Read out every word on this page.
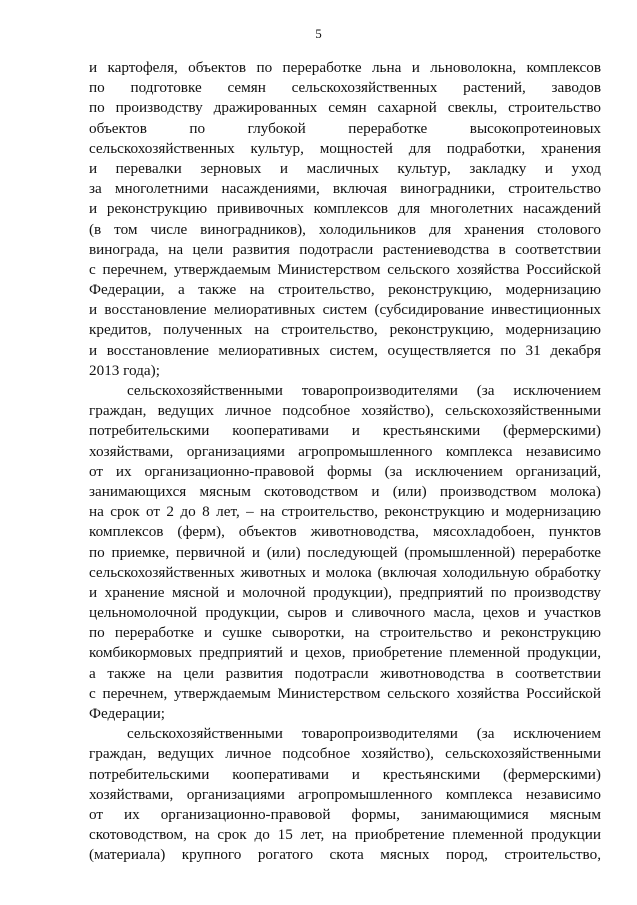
5
и картофеля, объектов по переработке льна и льноволокна, комплексов
по подготовке семян сельскохозяйственных растений, заводов
по производству дражированных семян сахарной свеклы, строительство
объектов по глубокой переработке высокопротеиновых
сельскохозяйственных культур, мощностей для подработки, хранения
и перевалки зерновых и масличных культур, закладку и уход
за многолетними насаждениями, включая виноградники, строительство
и реконструкцию прививочных комплексов для многолетних насаждений
(в том числе виноградников), холодильников для хранения столового
винограда, на цели развития подотрасли растениеводства в соответствии
с перечнем, утверждаемым Министерством сельского хозяйства Российской
Федерации, а также на строительство, реконструкцию, модернизацию
и восстановление мелиоративных систем (субсидирование инвестиционных
кредитов, полученных на строительство, реконструкцию, модернизацию
и восстановление мелиоративных систем, осуществляется по 31 декабря
2013 года);
сельскохозяйственными товаропроизводителями (за исключением
граждан, ведущих личное подсобное хозяйство), сельскохозяйственными
потребительскими кооперативами и крестьянскими (фермерскими)
хозяйствами, организациями агропромышленного комплекса независимо
от их организационно-правовой формы (за исключением организаций,
занимающихся мясным скотоводством и (или) производством молока)
на срок от 2 до 8 лет, – на строительство, реконструкцию и модернизацию
комплексов (ферм), объектов животноводства, мясохладобоен, пунктов
по приемке, первичной и (или) последующей (промышленной) переработке
сельскохозяйственных животных и молока (включая холодильную обработку
и хранение мясной и молочной продукции), предприятий по производству
цельномолочной продукции, сыров и сливочного масла, цехов и участков
по переработке и сушке сыворотки, на строительство и реконструкцию
комбикормовых предприятий и цехов, приобретение племенной продукции,
а также на цели развития подотрасли животноводства в соответствии
с перечнем, утверждаемым Министерством сельского хозяйства Российской
Федерации;
сельскохозяйственными товаропроизводителями (за исключением
граждан, ведущих личное подсобное хозяйство), сельскохозяйственными
потребительскими кооперативами и крестьянскими (фермерскими)
хозяйствами, организациями агропромышленного комплекса независимо
от их организационно-правовой формы, занимающимися мясным
скотоводством, на срок до 15 лет, на приобретение племенной продукции
(материала) крупного рогатого скота мясных пород, строительство,
